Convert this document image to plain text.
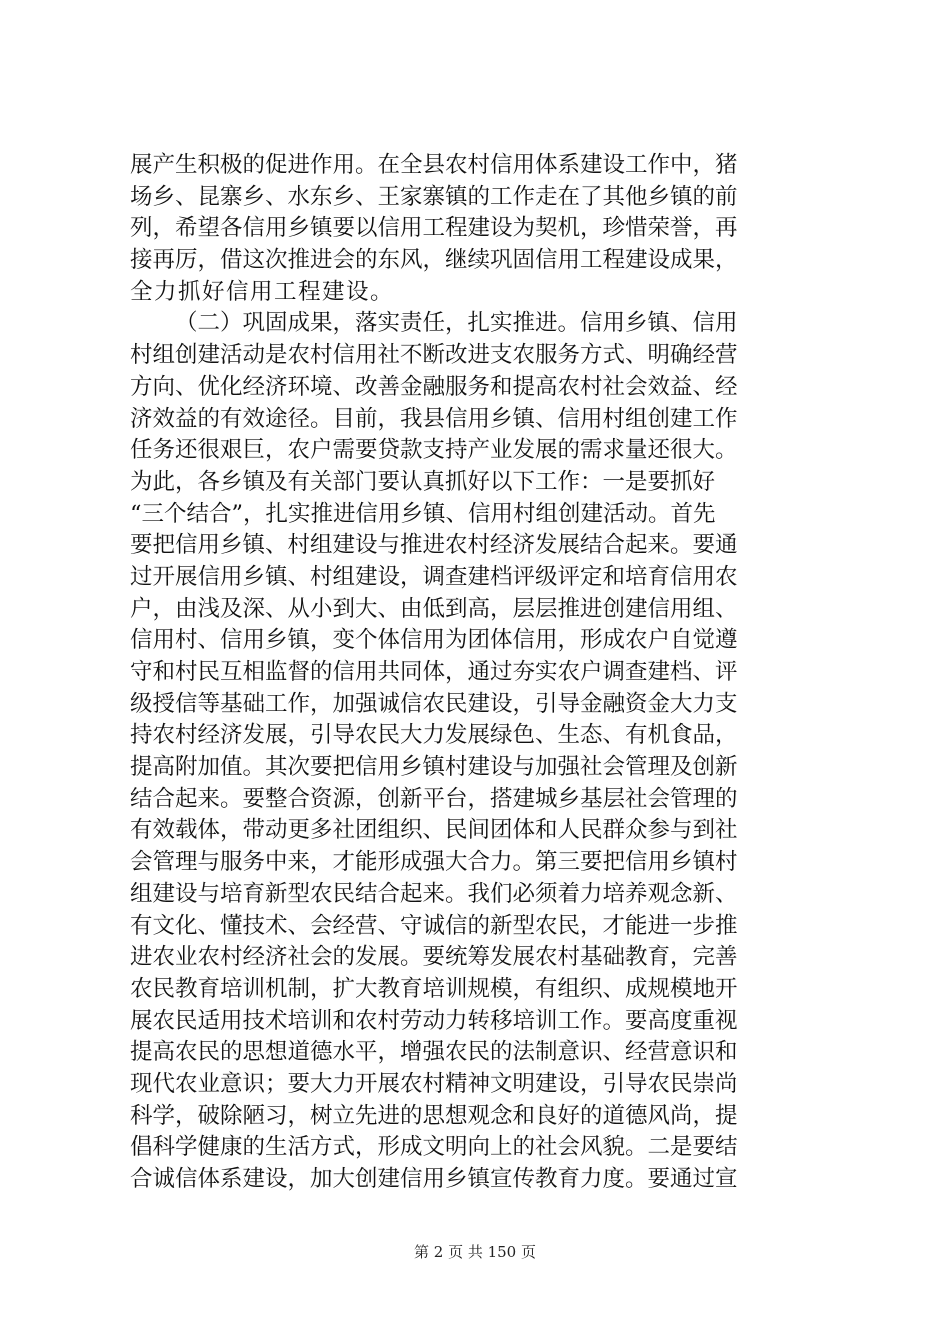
展产生积极的促进作用。在全县农村信用体系建设工作中，猪
场乡、昆寨乡、水东乡、王家寨镇的工作走在了其他乡镇的前
列，希望各信用乡镇要以信用工程建设为契机，珍惜荣誉，再
接再厉，借这次推进会的东风，继续巩固信用工程建设成果，
全力抓好信用工程建设。
（二）巩固成果，落实责任，扎实推进。信用乡镇、信用
村组创建活动是农村信用社不断改进支农服务方式、明确经营
方向、优化经济环境、改善金融服务和提高农村社会效益、经
济效益的有效途径。目前，我县信用乡镇、信用村组创建工作
任务还很艰巨，农户需要贷款支持产业发展的需求量还很大。
为此，各乡镇及有关部门要认真抓好以下工作：一是要抓好
“三个结合”，扎实推进信用乡镇、信用村组创建活动。首先
要把信用乡镇、村组建设与推进农村经济发展结合起来。要通
过开展信用乡镇、村组建设，调查建档评级评定和培育信用农
户，由浅及深、从小到大、由低到高，层层推进创建信用组、
信用村、信用乡镇，变个体信用为团体信用，形成农户自觉遵
守和村民互相监督的信用共同体，通过夯实农户调查建档、评
级授信等基础工作，加强诚信农民建设，引导金融资金大力支
持农村经济发展，引导农民大力发展绿色、生态、有机食品，
提高附加值。其次要把信用乡镇村建设与加强社会管理及创新
结合起来。要整合资源，创新平台，搭建城乡基层社会管理的
有效载体，带动更多社团组织、民间团体和人民群众参与到社
会管理与服务中来，才能形成强大合力。第三要把信用乡镇村
组建设与培育新型农民结合起来。我们必须着力培养观念新、
有文化、懂技术、会经营、守诚信的新型农民，才能进一步推
进农业农村经济社会的发展。要统筹发展农村基础教育，完善
农民教育培训机制，扩大教育培训规模，有组织、成规模地开
展农民适用技术培训和农村劳动力转移培训工作。要高度重视
提高农民的思想道德水平，增强农民的法制意识、经营意识和
现代农业意识；要大力开展农村精神文明建设，引导农民崇尚
科学，破除陋习，树立先进的思想观念和良好的道德风尚，提
倡科学健康的生活方式，形成文明向上的社会风貌。二是要结
合诚信体系建设，加大创建信用乡镇宣传教育力度。要通过宣
第 2 页 共 150 页
